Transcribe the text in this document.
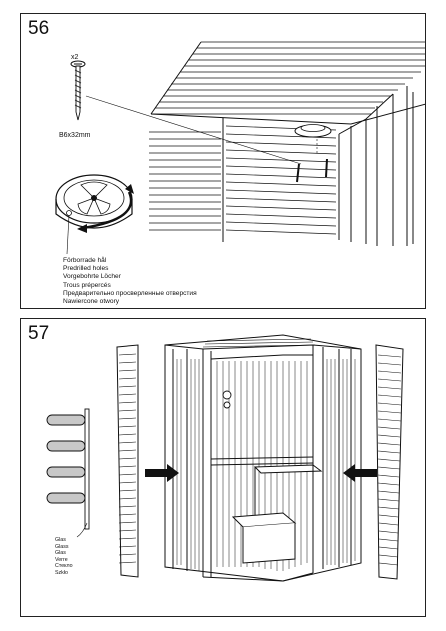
56
x2
B6x32mm
Förborrade hål
Predrilled holes
Vorgebohrte Löcher
Trous prépercés
Предварительно просверленные отверстия
Nawiercone otwory
57
Glas
Glass
Glas
Verre
Стекло
Szkło
